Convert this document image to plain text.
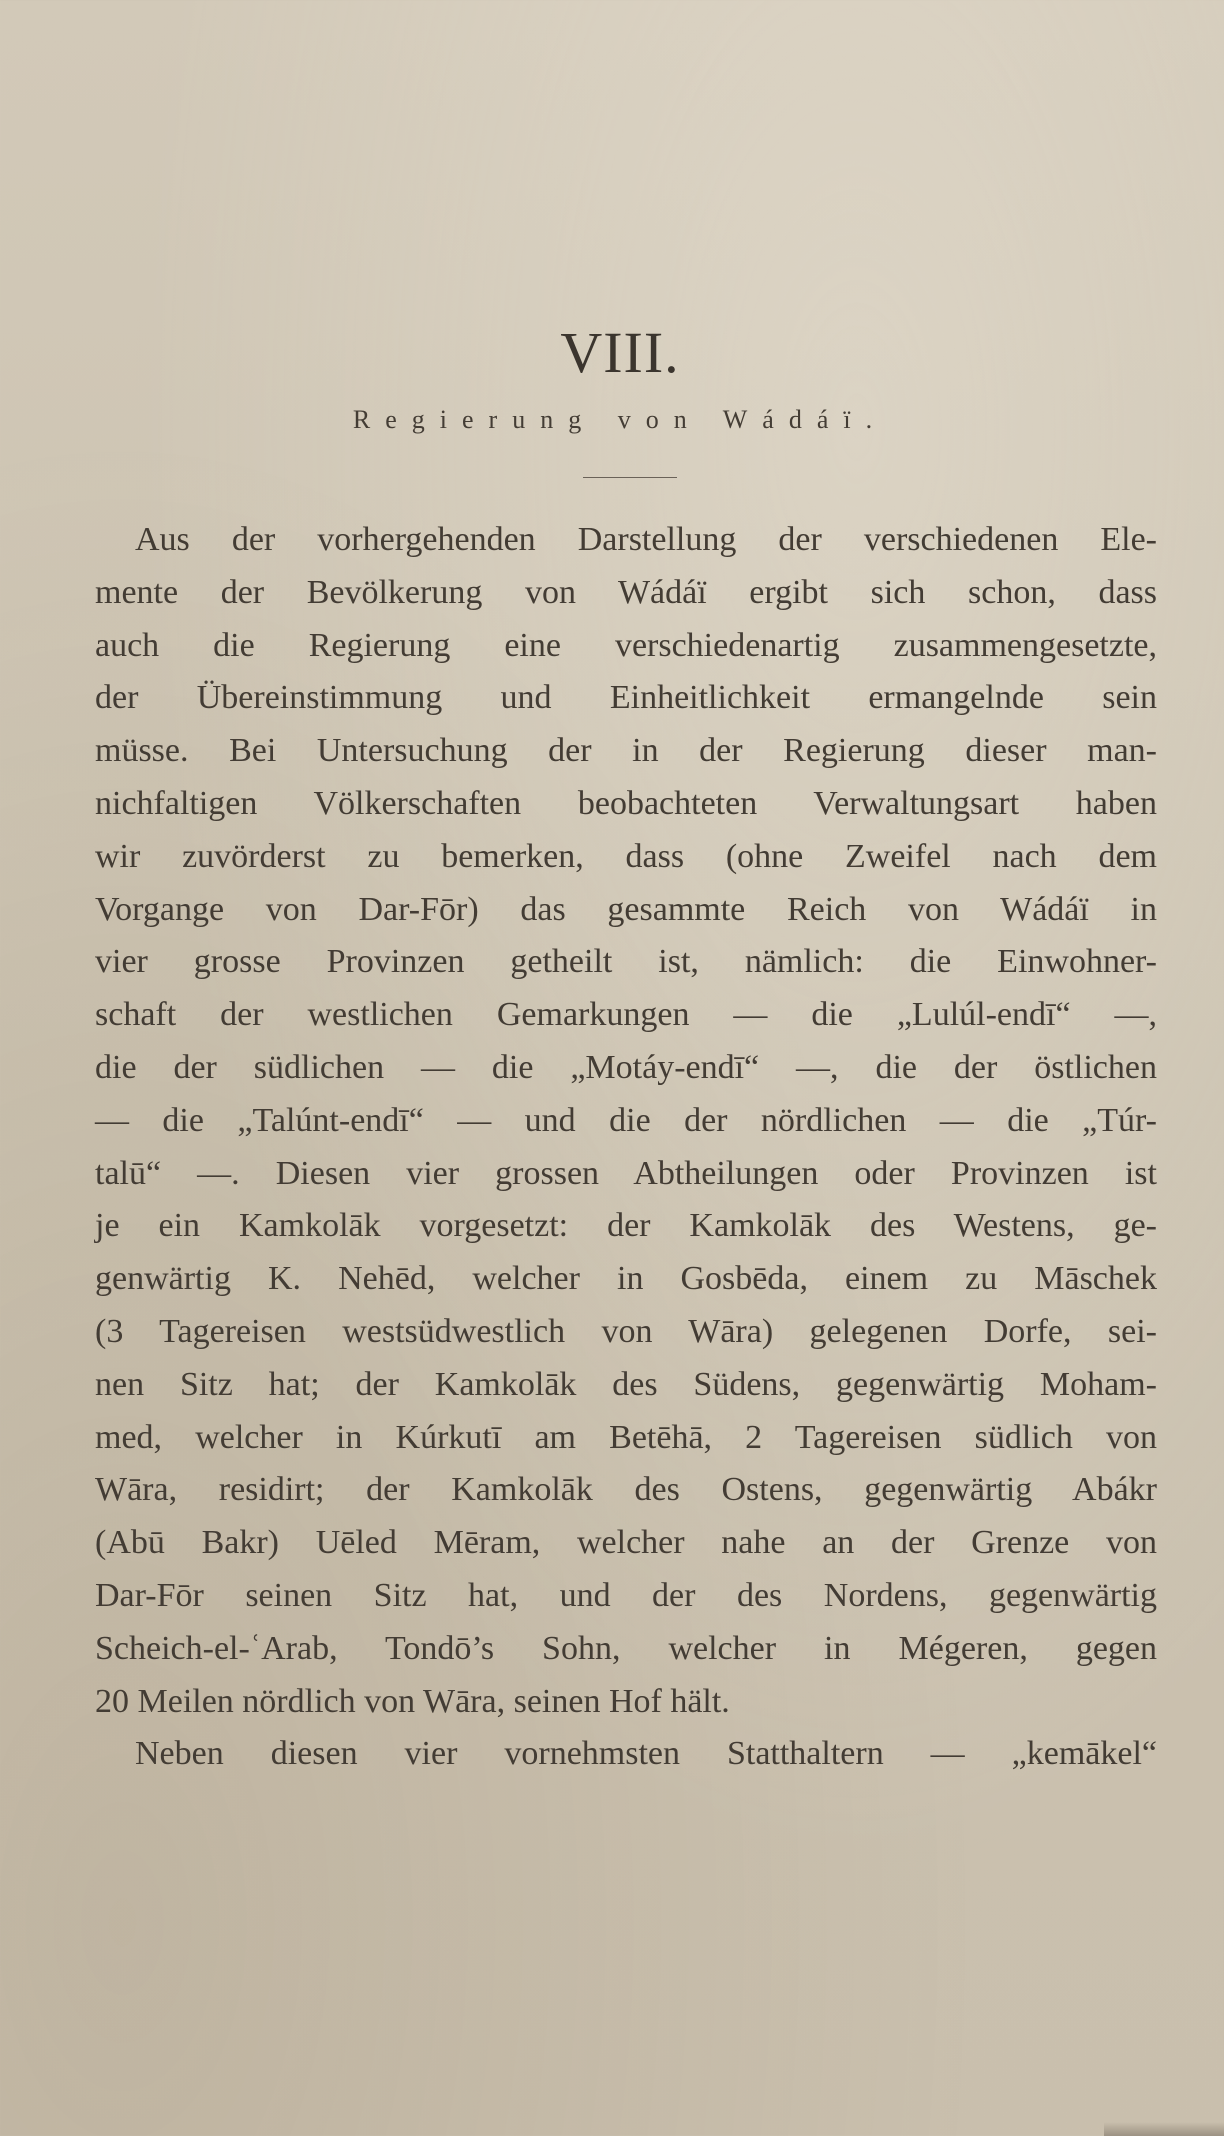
VIII.
Regierung von Wádáï.
Aus der vorhergehenden Darstellung der verschiedenen Ele-
mente der Bevölkerung von Wádáï ergibt sich schon, dass
auch die Regierung eine verschiedenartig zusammengesetzte,
der Übereinstimmung und Einheitlichkeit ermangelnde sein
müsse. Bei Untersuchung der in der Regierung dieser man-
nichfaltigen Völkerschaften beobachteten Verwaltungsart haben
wir zuvörderst zu bemerken, dass (ohne Zweifel nach dem
Vorgange von Dar-Fōr) das gesammte Reich von Wádáï in
vier grosse Provinzen getheilt ist, nämlich: die Einwohner-
schaft der westlichen Gemarkungen — die „Lulúl-endī“ —,
die der südlichen — die „Motáy-endī“ —, die der östlichen
— die „Talúnt-endī“ — und die der nördlichen — die „Túr-
talū“ —. Diesen vier grossen Abtheilungen oder Provinzen ist
je ein Kamkolāk vorgesetzt: der Kamkolāk des Westens, ge-
genwärtig K. Nehēd, welcher in Gosbēda, einem zu Māschek
(3 Tagereisen westsüdwestlich von Wāra) gelegenen Dorfe, sei-
nen Sitz hat; der Kamkolāk des Südens, gegenwärtig Moham-
med, welcher in Kúrkutī am Betēhā, 2 Tagereisen südlich von
Wāra, residirt; der Kamkolāk des Ostens, gegenwärtig Abákr
(Abū Bakr) Uēled Mēram, welcher nahe an der Grenze von
Dar-Fōr seinen Sitz hat, und der des Nordens, gegenwärtig
Scheich-el-ʿArab, Tondō’s Sohn, welcher in Mégeren, gegen
20 Meilen nördlich von Wāra, seinen Hof hält.
Neben diesen vier vornehmsten Statthaltern — „kemākel“
